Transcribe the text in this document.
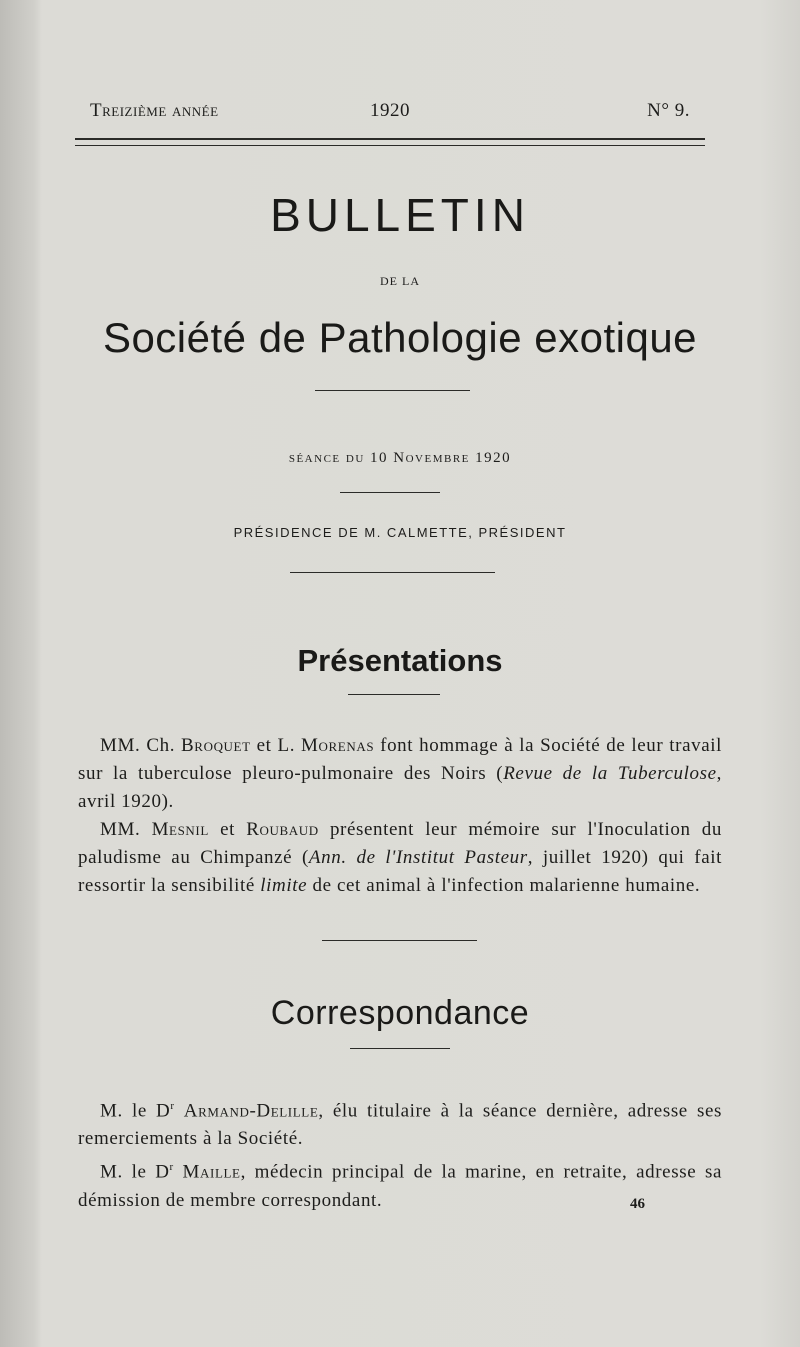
Treizième année	1920	N° 9.
BULLETIN
DE LA
Société de Pathologie exotique
séance du 10 Novembre 1920
PRÉSIDENCE DE M. CALMETTE, PRÉSIDENT
Présentations

MM. Ch. Broquet et L. Morenas font hommage à la Société de leur travail sur la tuberculose pleuro-pulmonaire des Noirs (Revue de la Tuberculose, avril 1920).

MM. Mesnil et Roubaud présentent leur mémoire sur l'Inoculation du paludisme au Chimpanzé (Ann. de l'Institut Pasteur, juillet 1920) qui fait ressortir la sensibilité limite de cet animal à l'infection malarienne humaine.

Correspondance

M. le $D^r$ Armand-Delille, élu titulaire à la séance dernière, adresse ses remerciements à la Société.

M. le $D^r$ Maille, médecin principal de la marine, en retraite, adresse sa démission de membre correspondant.	46
